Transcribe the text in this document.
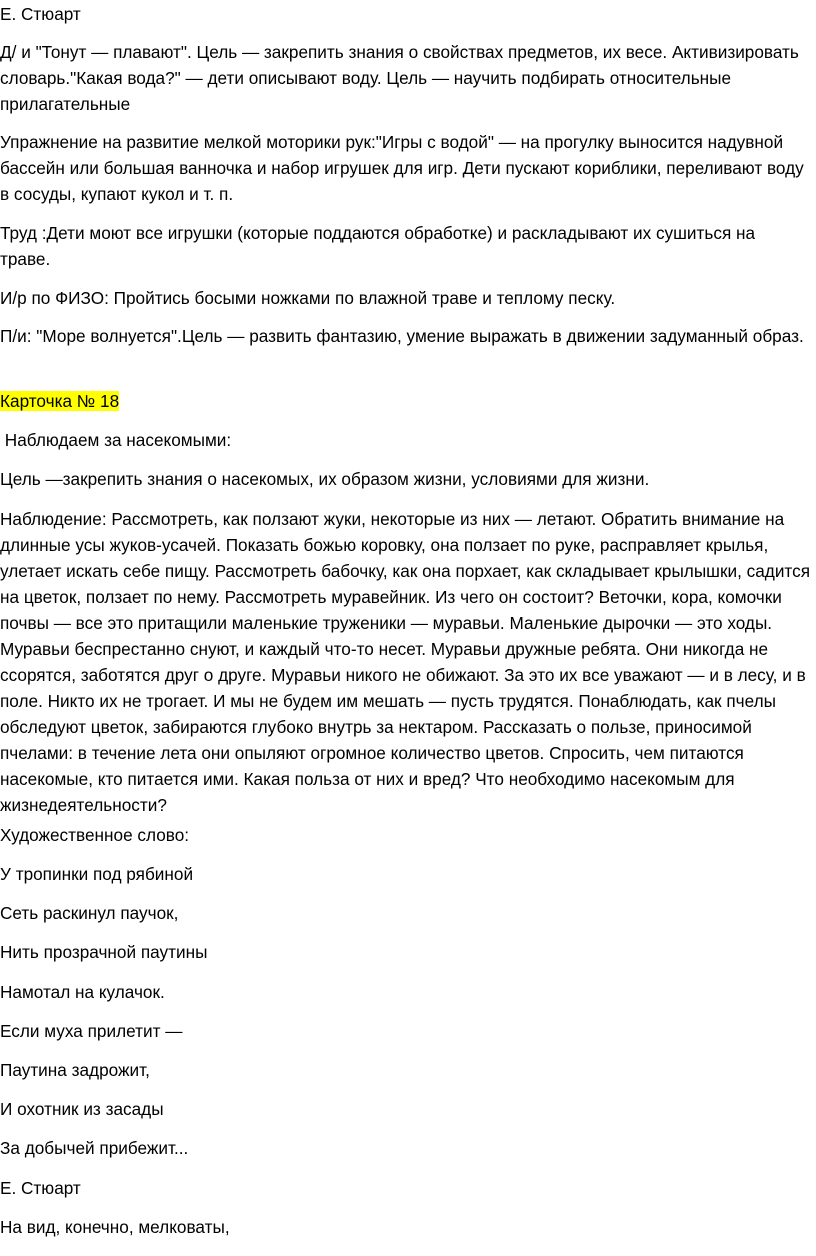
Е. Стюарт
Д/ и "Тонут — плавают". Цель — закрепить знания о свойствах предметов, их весе. Активизировать словарь."Какая вода?" — дети описывают воду. Цель — научить подбирать относительные прилагательные
Упражнение на развитие мелкой моторики рук:"Игры с водой" — на прогулку выносится надувной бассейн или большая ванночка и набор игрушек для игр. Дети пускают кориблики, переливают воду в сосуды, купают кукол и т. п.
Труд :Дети моют все игрушки (которые поддаются обработке) и раскладывают их сушиться на траве.
И/р по ФИЗО: Пройтись босыми ножками по влажной траве и теплому песку.
П/и: "Море волнуется".Цель — развить фантазию, умение выражать в движении задуманный образ.
Карточка № 18
Наблюдаем за насекомыми:
Цель —закрепить знания о насекомых, их образом жизни, условиями для жизни.
Наблюдение: Рассмотреть, как ползают жуки, некоторые из них — летают. Обратить внимание на длинные усы жуков-усачей. Показать божью коровку, она ползает по руке, расправляет крылья, улетает искать себе пищу. Рассмотреть бабочку, как она порхает, как складывает крылышки, садится на цветок, ползает по нему. Рассмотреть муравейник. Из чего он состоит? Веточки, кора, комочки почвы — все это притащили маленькие труженики — муравьи. Маленькие дырочки — это ходы. Муравьи беспрестанно снуют, и каждый что-то несет. Муравьи дружные ребята. Они никогда не ссорятся, заботятся друг о друге. Муравьи никого не обижают. За это их все уважают — и в лесу, и в поле. Никто их не трогает. И мы не будем им мешать — пусть трудятся. Понаблюдать, как пчелы обследуют цветок, забираются глубоко внутрь за нектаром. Рассказать о пользе, приносимой пчелами: в течение лета они опыляют огромное количество цветов. Спросить, чем питаются насекомые, кто питается ими. Какая польза от них и вред? Что необходимо насекомым для жизнедеятельности?
Художественное слово:
У тропинки под рябиной
Сеть раскинул паучок,
Нить прозрачной паутины
Намотал на кулачок.
Если муха прилетит —
Паутина задрожит,
И охотник из засады
За добычей прибежит...
Е. Стюарт
На вид, конечно, мелковаты,
